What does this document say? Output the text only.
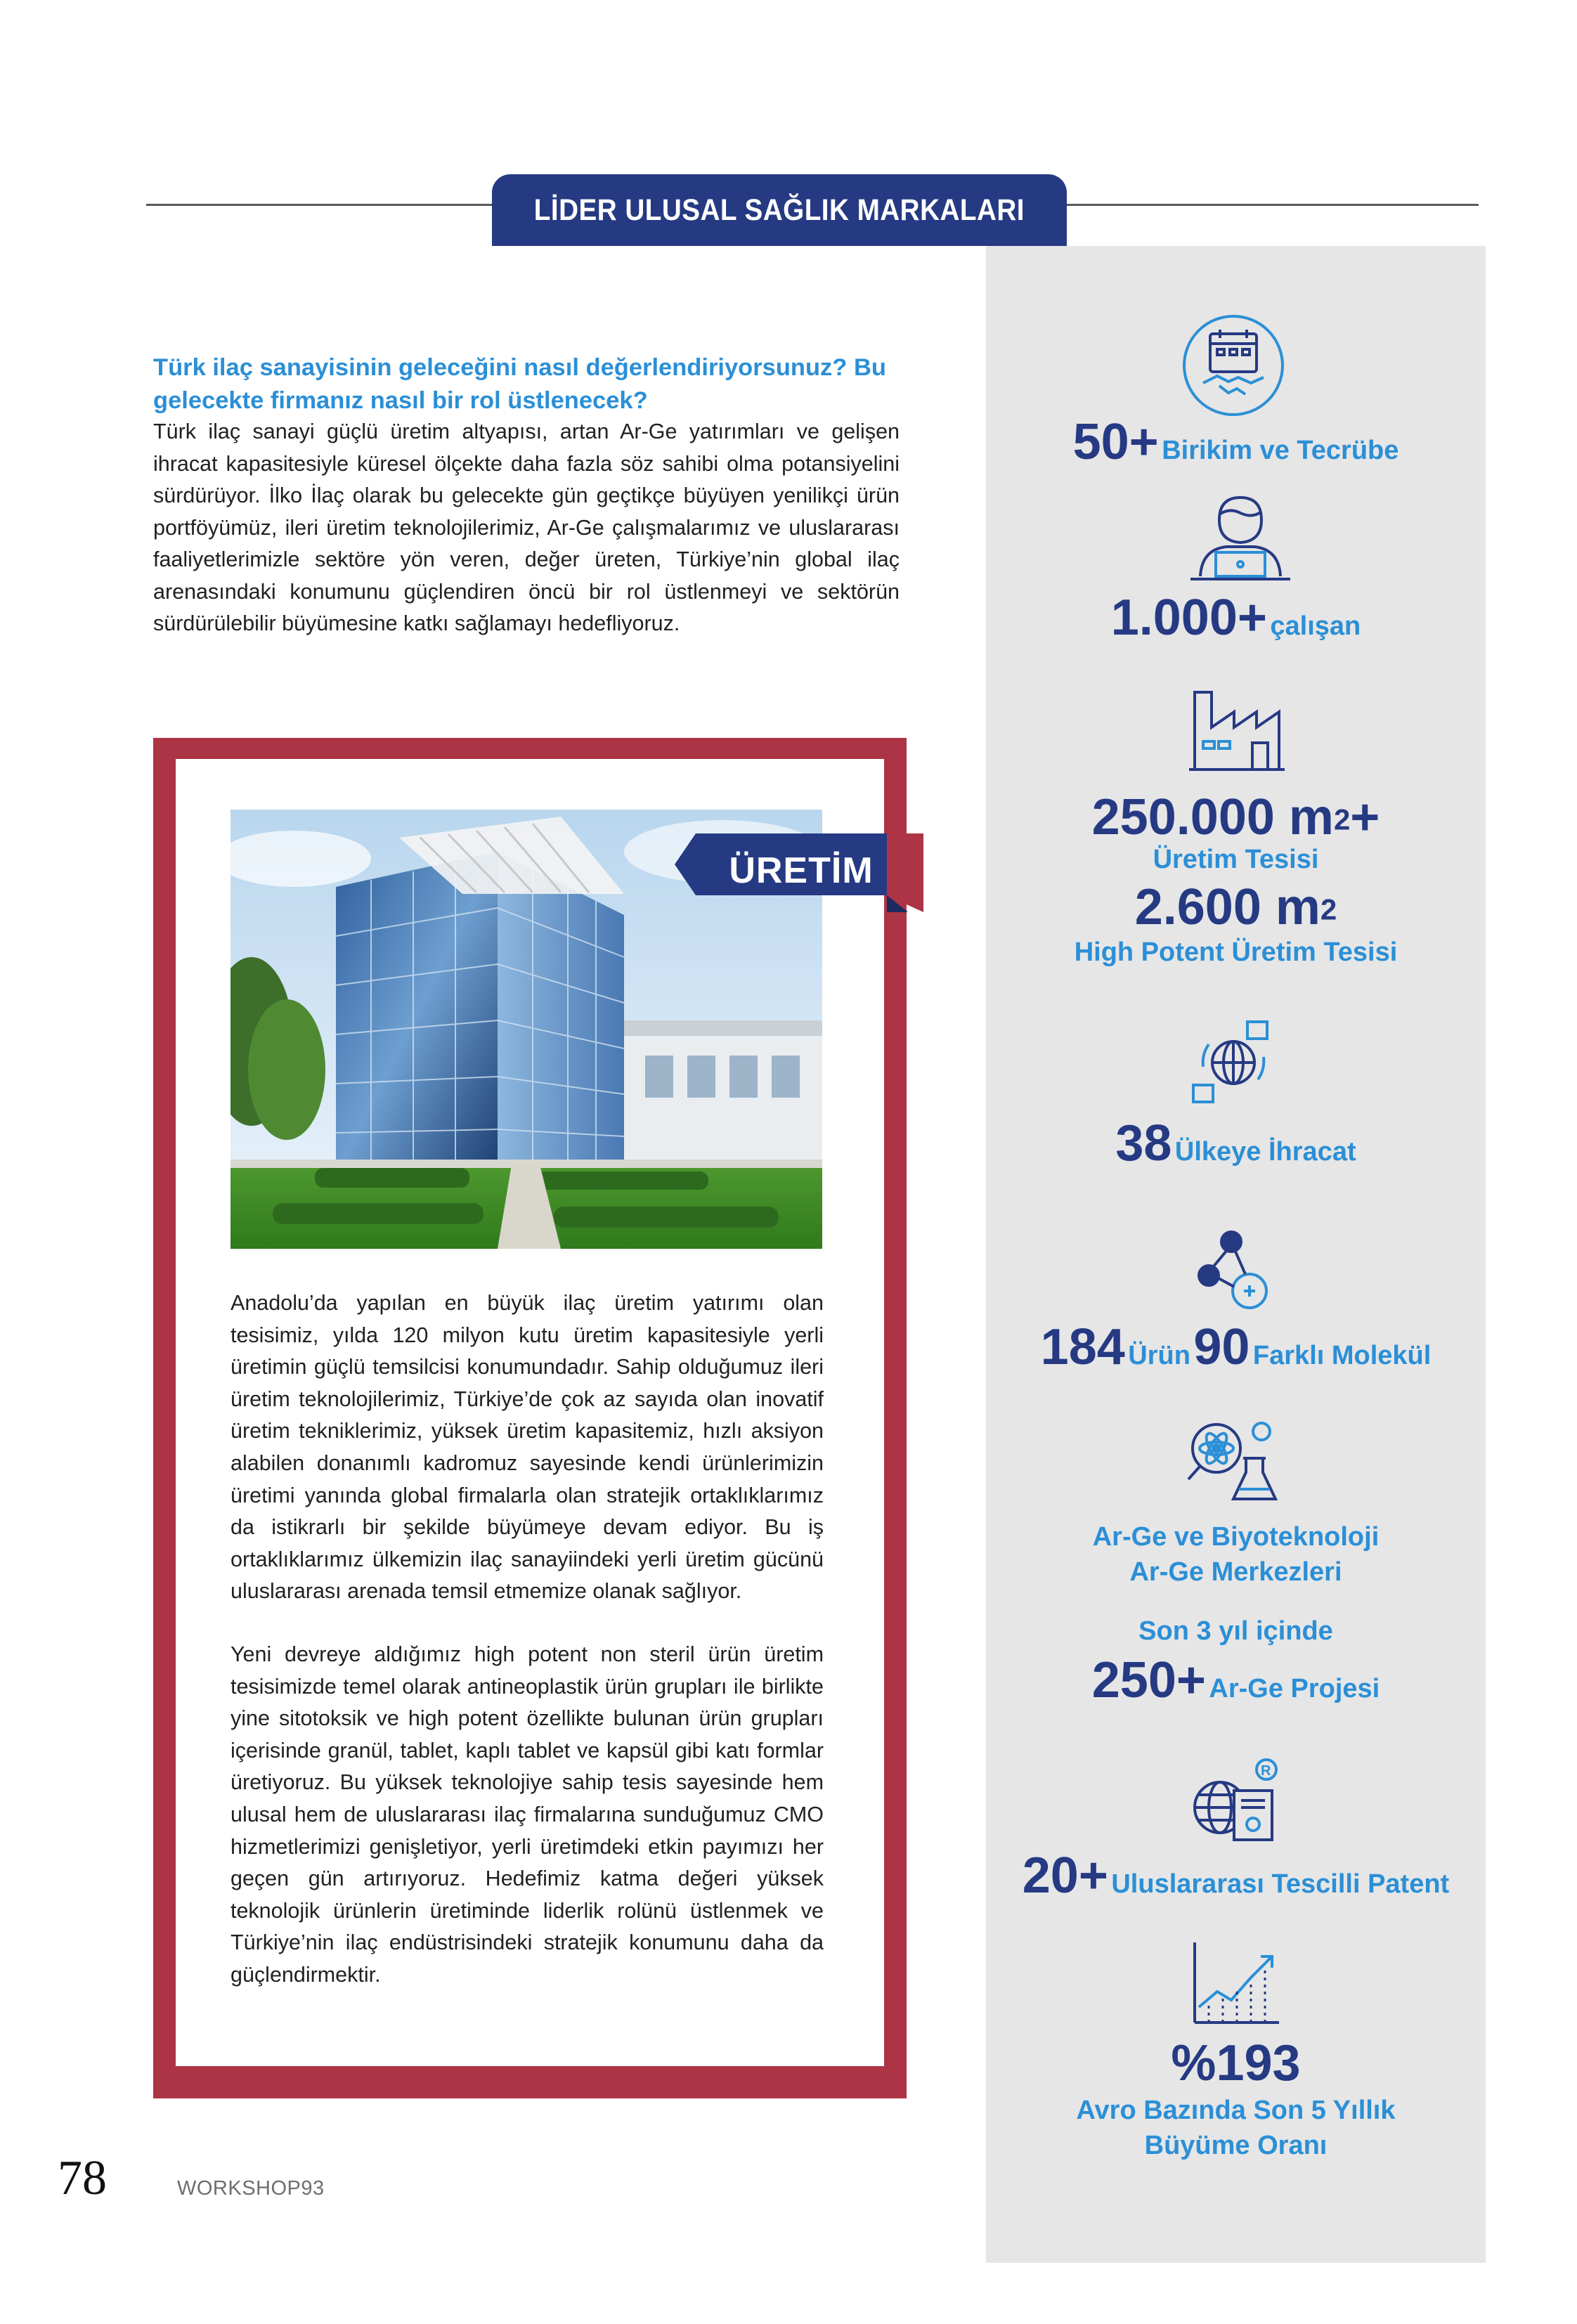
LİDER ULUSAL SAĞLIK MARKALARI
Türk ilaç sanayisinin geleceğini nasıl değerlendiriyorsunuz? Bu gelecekte firmanız nasıl bir rol üstlenecek?
Türk ilaç sanayi güçlü üretim altyapısı, artan Ar-Ge yatırımları ve gelişen ihracat kapasitesiyle küresel ölçekte daha fazla söz sahibi olma potansiyelini sürdürüyor. İlko İlaç olarak bu gelecekte gün geçtikçe büyüyen yenilikçi ürün portföyümüz, ileri üretim teknolojilerimiz, Ar-Ge çalışmalarımız ve uluslararası faaliyetlerimizle sektöre yön veren, değer üreten, Türkiye’nin global ilaç arenasındaki konumunu güçlendiren öncü bir rol üstlenmeyi ve sektörün sürdürülebilir büyümesine katkı sağlamayı hedefliyoruz.
ÜRETİM

Anadolu’da yapılan en büyük ilaç üretim yatırımı olan tesisimiz, yılda 120 milyon kutu üretim kapasitesiyle yerli üretimin güçlü temsilcisi konumundadır. Sahip olduğumuz ileri üretim teknolojilerimiz, Türkiye’de çok az sayıda olan inovatif üretim tekniklerimiz, yüksek üretim kapasitemiz, hızlı aksiyon alabilen donanımlı kadromuz sayesinde kendi ürünlerimizin üretimi yanında global firmalarla olan stratejik ortaklıklarımız da istikrarlı bir şekilde büyümeye devam ediyor. Bu iş ortaklıklarımız ülkemizin ilaç sanayiindeki yerli üretim gücünü uluslararası arenada temsil etmemize olanak sağlıyor.

Yeni devreye aldığımız high potent non steril ürün üretim tesisimizde temel olarak antineoplastik ürün grupları ile birlikte yine sitotoksik ve high potent özellikte bulunan ürün grupları içerisinde granül, tablet, kaplı tablet ve kapsül gibi katı formlar üretiyoruz. Bu yüksek teknolojiye sahip tesis sayesinde hem ulusal hem de uluslararası ilaç firmalarına sunduğumuz CMO hizmetlerimizi genişletiyor, yerli üretimdeki etkin payımızı her geçen gün artırıyoruz. Hedefimiz katma değeri yüksek teknolojik ürünlerin üretiminde liderlik rolünü üstlenmek ve Türkiye’nin ilaç endüstrisindeki stratejik konumunu daha da güçlendirmektir.

78	WORKSHOP93
50+ Birikim ve Tecrübe
1.000+ çalışan
250.000 $m^2+$
Üretim Tesisi
2.600 $m^2$
High Potent Üretim Tesisi
38 Ülkeye İhracat
184 Ürün 90 Farklı Molekül
Ar-Ge ve Biyoteknoloji
Ar-Ge Merkezleri
Son 3 yıl içinde
250+ Ar-Ge Projesi
R
20+ Uluslararası Tescilli Patent
%193
Avro Bazında Son 5 Yıllık
Büyüme Oranı
